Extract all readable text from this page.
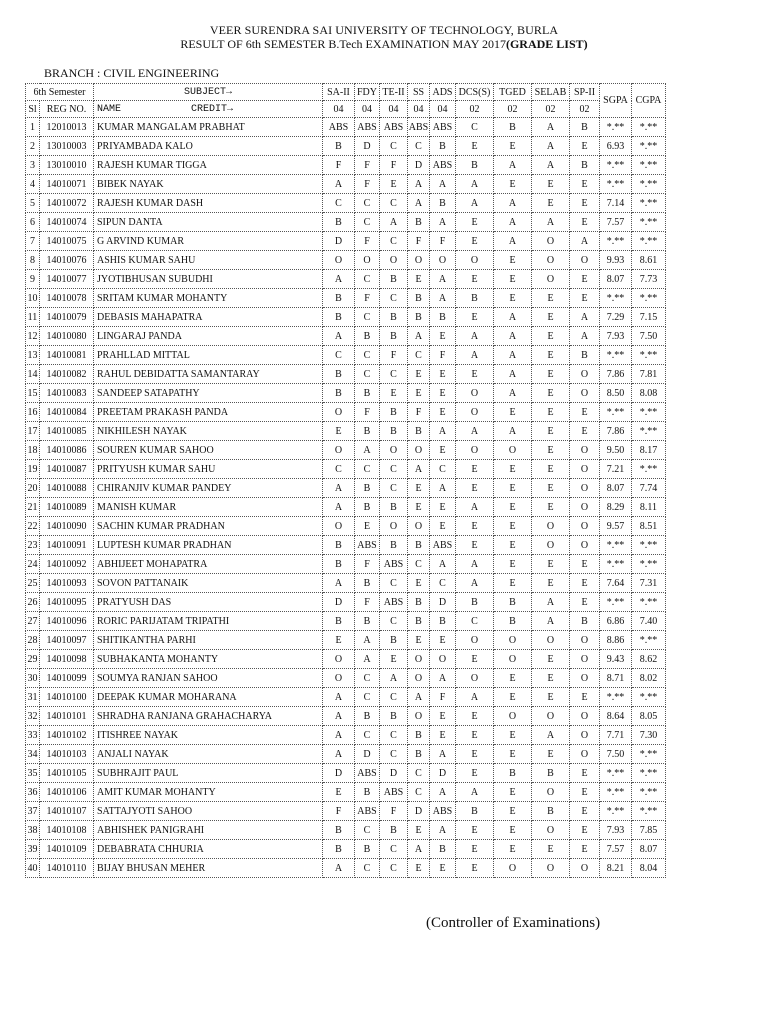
VEER SURENDRA SAI UNIVERSITY OF TECHNOLOGY, BURLA
RESULT OF 6th SEMESTER B.Tech EXAMINATION MAY 2017(GRADE LIST)
BRANCH : CIVIL ENGINEERING
6th Semester		SUBJECT→	SA-II	FDY	TE-II	SS	ADS	DCS(S)	TGED	SELAB	SP-II	SGPA	CGPA
Sl	REG NO.	NAME CREDIT→	04	04	04	04	04	02	02	02	02		
1	12010013	KUMAR MANGALAM PRABHAT	ABS	ABS	ABS	ABS	ABS	C	B	A	B	*.**	*.**
2	13010003	PRIYAMBADA KALO	B	D	C	C	B	E	E	A	E	6.93	*.**
3	13010010	RAJESH KUMAR TIGGA	F	F	F	D	ABS	B	A	A	B	*.**	*.**
4	14010071	BIBEK NAYAK	A	F	E	A	A	A	E	E	E	*.**	*.**
5	14010072	RAJESH KUMAR DASH	C	C	C	A	B	A	A	E	E	7.14	*.**
6	14010074	SIPUN DANTA	B	C	A	B	A	E	A	A	E	7.57	*.**
7	14010075	G ARVIND KUMAR	D	F	C	F	F	E	A	O	A	*.**	*.**
8	14010076	ASHIS KUMAR SAHU	O	O	O	O	O	O	E	O	O	9.93	8.61
9	14010077	JYOTIBHUSAN SUBUDHI	A	C	B	E	A	E	E	O	E	8.07	7.73
10	14010078	SRITAM KUMAR MOHANTY	B	F	C	B	A	B	E	E	E	*.**	*.**
11	14010079	DEBASIS MAHAPATRA	B	C	B	B	B	E	A	E	A	7.29	7.15
12	14010080	LINGARAJ PANDA	A	B	B	A	E	A	A	E	A	7.93	7.50
13	14010081	PRAHLLAD MITTAL	C	C	F	C	F	A	A	E	B	*.**	*.**
14	14010082	RAHUL DEBIDATTA SAMANTARAY	B	C	C	E	E	E	A	E	O	7.86	7.81
15	14010083	SANDEEP SATAPATHY	B	B	E	E	E	O	A	E	O	8.50	8.08
16	14010084	PREETAM PRAKASH PANDA	O	F	B	F	E	O	E	E	E	*.**	*.**
17	14010085	NIKHILESH NAYAK	E	B	B	B	A	A	A	E	E	7.86	*.**
18	14010086	SOUREN KUMAR SAHOO	O	A	O	O	E	O	O	E	O	9.50	8.17
19	14010087	PRITYUSH KUMAR SAHU	C	C	C	A	C	E	E	E	O	7.21	*.**
20	14010088	CHIRANJIV KUMAR PANDEY	A	B	C	E	A	E	E	E	O	8.07	7.74
21	14010089	MANISH KUMAR	A	B	B	E	E	A	E	E	O	8.29	8.11
22	14010090	SACHIN KUMAR PRADHAN	O	E	O	O	E	E	E	O	O	9.57	8.51
23	14010091	LUPTESH KUMAR PRADHAN	B	ABS	B	B	ABS	E	E	O	O	*.**	*.**
24	14010092	ABHIJEET MOHAPATRA	B	F	ABS	C	A	A	E	E	E	*.**	*.**
25	14010093	SOVON PATTANAIK	A	B	C	E	C	A	E	E	E	7.64	7.31
26	14010095	PRATYUSH DAS	D	F	ABS	B	D	B	B	A	E	*.**	*.**
27	14010096	RORIC PARIJATAM TRIPATHI	B	B	C	B	B	C	B	A	B	6.86	7.40
28	14010097	SHITIKANTHA PARHI	E	A	B	E	E	O	O	O	O	8.86	*.**
29	14010098	SUBHAKANTA MOHANTY	O	A	E	O	O	E	O	E	O	9.43	8.62
30	14010099	SOUMYA RANJAN SAHOO	O	C	A	O	A	O	E	E	O	8.71	8.02
31	14010100	DEEPAK KUMAR MOHARANA	A	C	C	A	F	A	E	E	E	*.**	*.**
32	14010101	SHRADHA RANJANA GRAHACHARYA	A	B	B	O	E	E	O	O	O	8.64	8.05
33	14010102	ITISHREE NAYAK	A	C	C	B	E	E	E	A	O	7.71	7.30
34	14010103	ANJALI NAYAK	A	D	C	B	A	E	E	E	O	7.50	*.**
35	14010105	SUBHRAJIT PAUL	D	ABS	D	C	D	E	B	B	E	*.**	*.**
36	14010106	AMIT KUMAR MOHANTY	E	B	ABS	C	A	A	E	O	E	*.**	*.**
37	14010107	SATTAJYOTI SAHOO	F	ABS	F	D	ABS	B	E	B	E	*.**	*.**
38	14010108	ABHISHEK PANIGRAHI	B	C	B	E	A	E	E	O	E	7.93	7.85
39	14010109	DEBABRATA CHHURIA	B	B	C	A	B	E	E	E	E	7.57	8.07
40	14010110	BIJAY BHUSAN MEHER	A	C	C	E	E	E	O	O	O	8.21	8.04
(Controller of Examinations)
